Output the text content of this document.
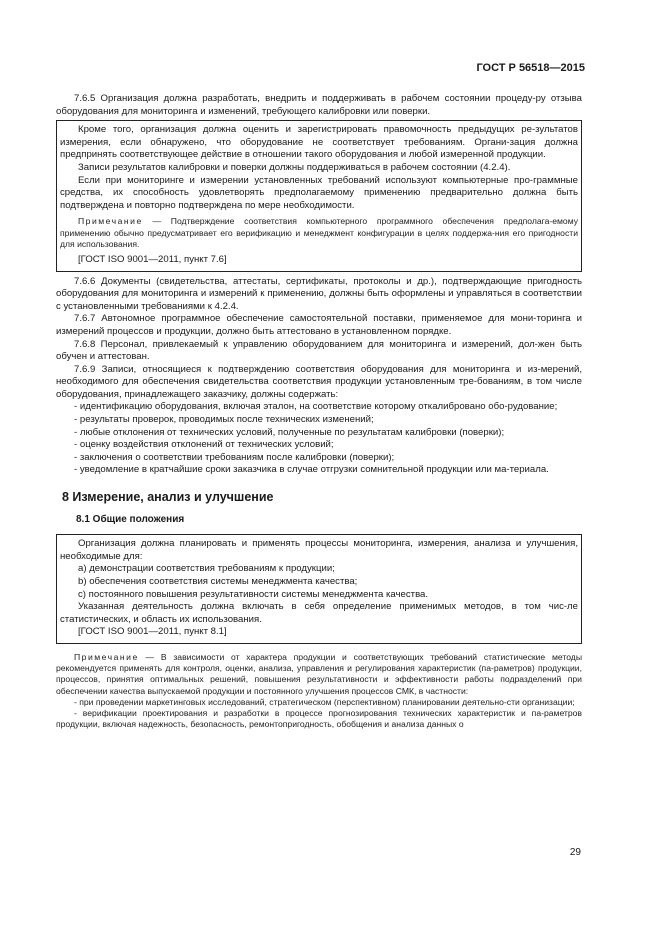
ГОСТ Р 56518—2015

7.6.5 Организация должна разработать, внедрить и поддерживать в рабочем состоянии процеду-ру отзыва оборудования для мониторинга и изменений, требующего калибровки или поверки.

Кроме того, организация должна оценить и зарегистрировать правомочность предыдущих ре-зультатов измерения, если обнаружено, что оборудование не соответствует требованиям. Органи-зация должна предпринять соответствующее действие в отношении такого оборудования и любой измеренной продукции.

Записи результатов калибровки и поверки должны поддерживаться в рабочем состоянии (4.2.4).

Если при мониторинге и измерении установленных требований используют компьютерные про-граммные средства, их способность удовлетворять предполагаемому применению предварительно должна быть подтверждена и повторно подтверждена по мере необходимости.

Примечание — Подтверждение соответствия компьютерного программного обеспечения предполага-емому применению обычно предусматривает его верификацию и менеджмент конфигурации в целях поддержа-ния его пригодности для использования.

[ГОСТ ISO 9001—2011, пункт 7.6]

7.6.6 Документы (свидетельства, аттестаты, сертификаты, протоколы и др.), подтверждающие пригодность оборудования для мониторинга и измерений к применению, должны быть оформлены и управляться в соответствии с установленными требованиями к 4.2.4.

7.6.7 Автономное программное обеспечение самостоятельной поставки, применяемое для мони-торинга и измерений процессов и продукции, должно быть аттестовано в установленном порядке.

7.6.8 Персонал, привлекаемый к управлению оборудованием для мониторинга и измерений, дол-жен быть обучен и аттестован.

7.6.9 Записи, относящиеся к подтверждению соответствия оборудования для мониторинга и из-мерений, необходимого для обеспечения свидетельства соответствия продукции установленным тре-бованиям, в том числе оборудования, принадлежащего заказчику, должны содержать:

- идентификацию оборудования, включая эталон, на соответствие которому откалибровано обо-рудование;

- результаты проверок, проводимых после технических изменений;

- любые отклонения от технических условий, полученные по результатам калибровки (поверки);

- оценку воздействия отклонений от технических условий;

- заключения о соответствии требованиям после калибровки (поверки);

- уведомление в кратчайшие сроки заказчика в случае отгрузки сомнительной продукции или ма-териала.

8 Измерение, анализ и улучшение
8.1 Общие положения

Организация должна планировать и применять процессы мониторинга, измерения, анализа и улучшения, необходимые для:

a) демонстрации соответствия требованиям к продукции;

b) обеспечения соответствия системы менеджмента качества;

c) постоянного повышения результативности системы менеджмента качества.

Указанная деятельность должна включать в себя определение применимых методов, в том чис-ле статистических, и область их использования.

[ГОСТ ISO 9001—2011, пункт 8.1]

Примечание — В зависимости от характера продукции и соответствующих требований статистические методы рекомендуется применять для контроля, оценки, анализа, управления и регулирования характеристик (па-раметров) продукции, процессов, принятия оптимальных решений, повышения результативности и эффективности работы подразделений при обеспечении качества выпускаемой продукции и постоянного улучшения процессов СМК, в частности:

- при проведении маркетинговых исследований, стратегическом (перспективном) планировании деятельно-сти организации;

- верификации проектирования и разработки в процессе прогнозирования технических характеристик и па-раметров продукции, включая надежность, безопасность, ремонтопригодность, обобщения и анализа данных о

29
